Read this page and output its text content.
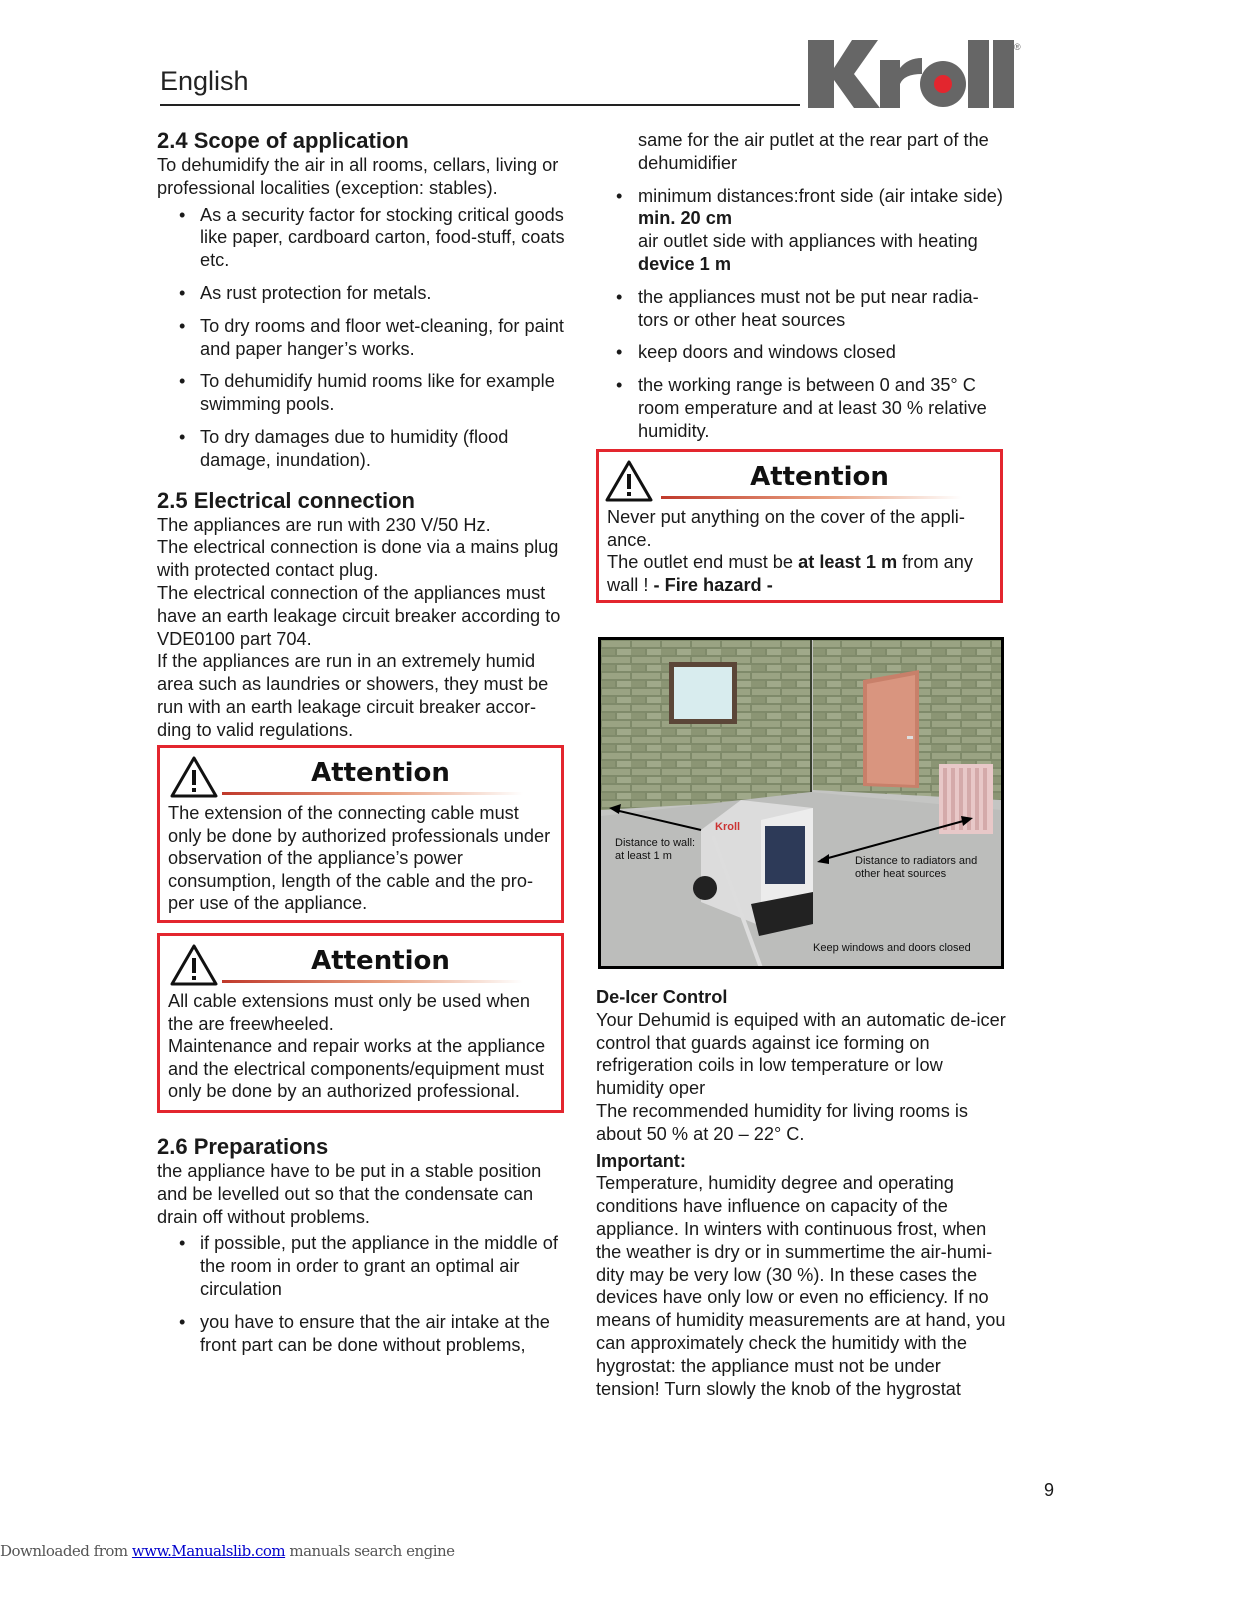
English
®
2.4 Scope of application

To dehumidify the air in all rooms, cellars, living or professional localities (exception: stables).

• As a security factor for stocking critical goods like paper, cardboard carton, food-stuff, coats etc.
• As rust protection for metals.
• To dry rooms and floor wet-cleaning, for paint and paper hanger’s works.
• To dehumidify humid rooms like for example swimming pools.
• To dry damages due to humidity (flood damage, inundation).
2.5 Electrical connection

The appliances are run with 230 V/50 Hz.

The electrical connection is done via a mains plug with protected contact plug.

The electrical connection of the appliances must have an earth leakage circuit breaker according to VDE0100 part 704.

If the appliances are run in an extremely humid area such as laundries or showers, they must be run with an earth leakage circuit breaker accor-ding to valid regulations.

Attention

The extension of the connecting cable must only be done by authorized professionals under observation of the appliance’s power consumption, length of the cable and the pro-per use of the appliance.

Attention

All cable extensions must only be used when the are freewheeled.

Maintenance and repair works at the appliance and the electrical components/equipment must only be done by an authorized professional.

2.6 Preparations

the appliance have to be put in a stable position and be levelled out so that the condensate can drain off without problems.

• if possible, put the appliance in the middle of the room in order to grant an optimal air circulation
• you have to ensure that the air intake at the front part can be done without problems,

same for the air putlet at the rear part of the dehumidifier

• minimum distances:front side (air intake side) min. 20 cm
air outlet side with appliances with heating device 1 m
• the appliances must not be put near radia-tors or other heat sources
• keep doors and windows closed
• the working range is between 0 and 35° C room emperature and at least 30 % relative humidity.
Attention

Never put anything on the cover of the appli-ance.

The outlet end must be at least 1 m from any wall ! - Fire hazard -

Kroll
Distance to wall:
at least 1 m	Distance to radiators and
other heat sources
Keep windows and doors closed

De-Icer Control

Your Dehumid is equiped with an automatic de-icer control that guards against ice forming on refrigeration coils in low temperature or low humidity oper

The recommended humidity for living rooms is about 50 % at 20 – 22° C.

Important:

Temperature, humidity degree and operating conditions have influence on capacity of the appliance. In winters with continuous frost, when the weather is dry or in summertime the air-humi-dity may be very low (30 %). In these cases the devices have only low or even no efficiency. If no means of humidity measurements are at hand, you can approximately check the humitidy with the hygrostat: the appliance must not be under tension! Turn slowly the knob of the hygrostat

9
Downloaded from www.Manualslib.com manuals search engine
